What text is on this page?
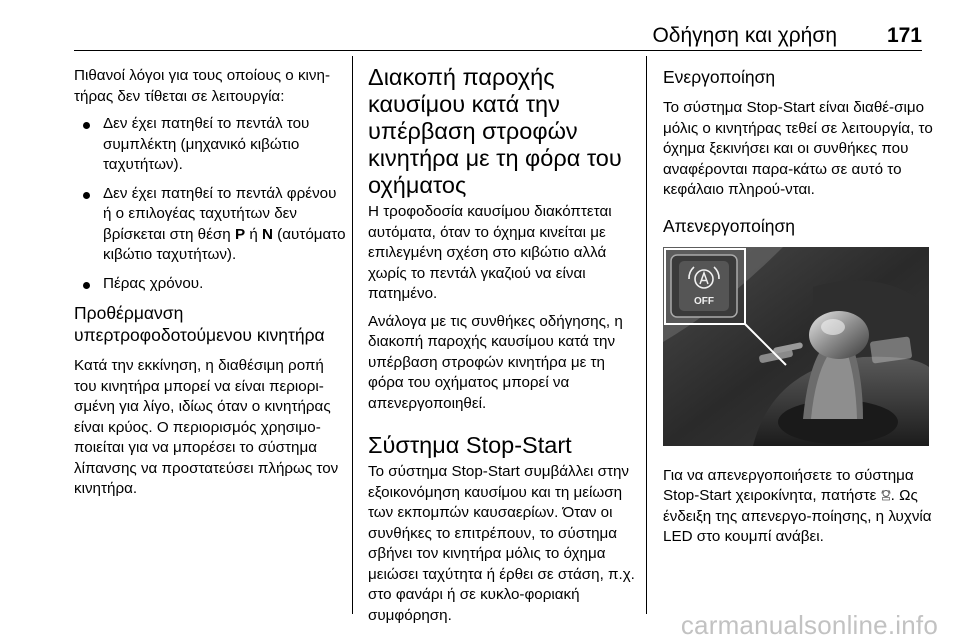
Οδήγηση και χρήση 171

Πιθανοί λόγοι για τους οποίους ο κινη-τήρας δεν τίθεται σε λειτουργία:

Δεν έχει πατηθεί το πεντάλ του συμπλέκτη (μηχανικό κιβώτιο ταχυτήτων).
Δεν έχει πατηθεί το πεντάλ φρένου ή ο επιλογέας ταχυτήτων δεν βρίσκεται στη θέση P ή N (αυτόματο κιβώτιο ταχυτήτων).
Πέρας χρόνου.
Προθέρμανση υπερτροφοδοτούμενου κινητήρα

Κατά την εκκίνηση, η διαθέσιμη ροπή του κινητήρα μπορεί να είναι περιορι-σμένη για λίγο, ιδίως όταν ο κινητήρας είναι κρύος. Ο περιορισμός χρησιμο-ποιείται για να μπορέσει το σύστημα λίπανσης να προστατεύσει πλήρως τον κινητήρα.

Διακοπή παροχής καυσίμου κατά την υπέρβαση στροφών κινητήρα με τη φόρα του οχήματος

Η τροφοδοσία καυσίμου διακόπτεται αυτόματα, όταν το όχημα κινείται με επιλεγμένη σχέση στο κιβώτιο αλλά χωρίς το πεντάλ γκαζιού να είναι πατημένο.

Ανάλογα με τις συνθήκες οδήγησης, η διακοπή παροχής καυσίμου κατά την υπέρβαση στροφών κινητήρα με τη φόρα του οχήματος μπορεί να απενεργοποιηθεί.

Σύστημα Stop-Start

Το σύστημα Stop-Start συμβάλλει στην εξοικονόμηση καυσίμου και τη μείωση των εκπομπών καυσαερίων. Όταν οι συνθήκες το επιτρέπουν, το σύστημα σβήνει τον κινητήρα μόλις το όχημα μειώσει ταχύτητα ή έρθει σε στάση, π.χ. στο φανάρι ή σε κυκλο-φοριακή συμφόρηση.

Ενεργοποίηση

Το σύστημα Stop-Start είναι διαθέ-σιμο μόλις ο κινητήρας τεθεί σε λειτουργία, το όχημα ξεκινήσει και οι συνθήκες που αναφέρονται παρα-κάτω σε αυτό το κεφάλαιο πληρού-νται.

Απενεργοποίηση
OFF

Για να απενεργοποιήσετε το σύστημα Stop-Start χειροκίνητα, πατήστε . Ως ένδειξη της απενεργο-ποίησης, η λυχνία LED στο κουμπί ανάβει.

carmanualsonline.info
